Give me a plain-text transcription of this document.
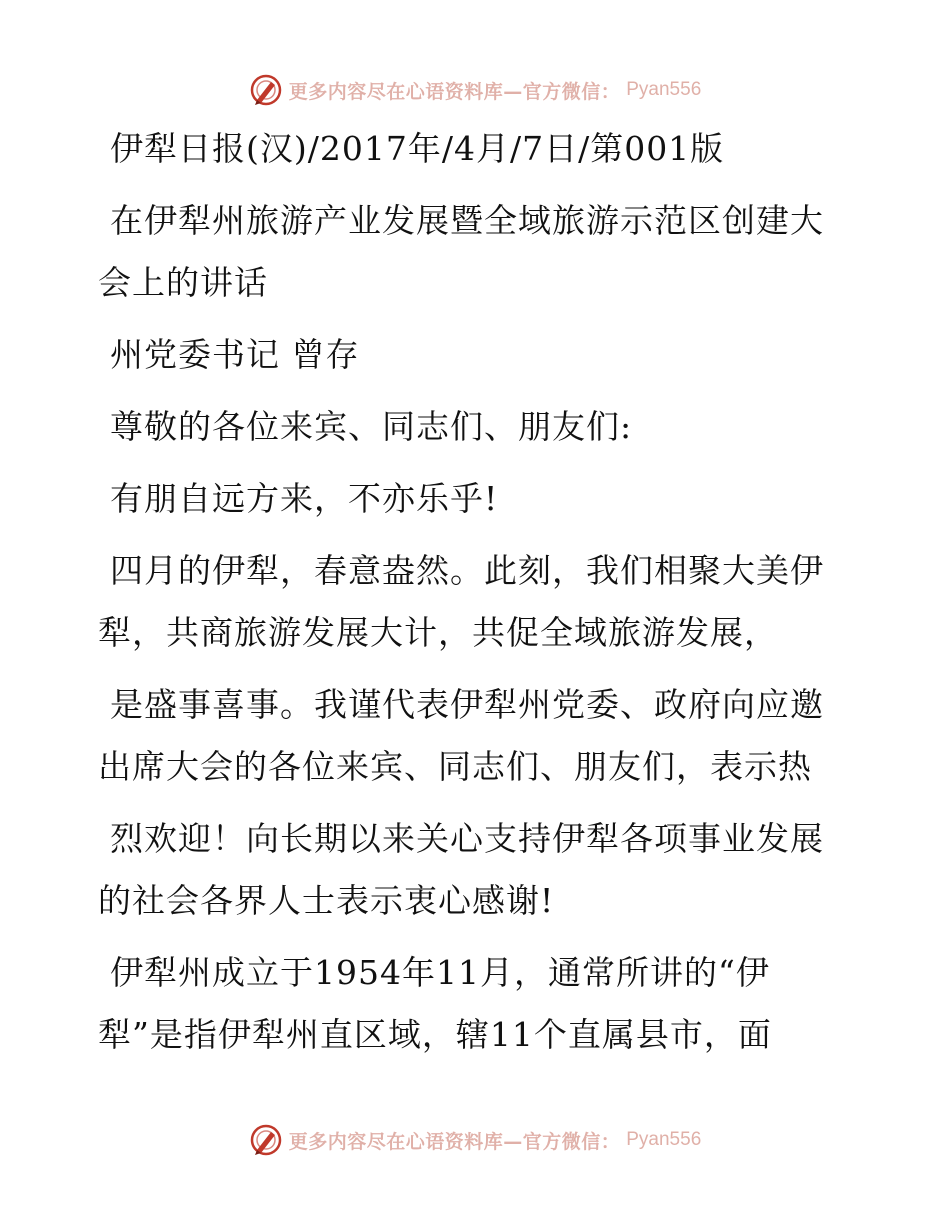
更多内容尽在心语资料库—官方微信： Pyan556

伊犁日报(汉)/2017年/4月/7日/第001版

在伊犁州旅游产业发展暨全域旅游示范区创建大会上的讲话

州党委书记 曾存

尊敬的各位来宾、同志们、朋友们:

有朋自远方来，不亦乐乎!

四月的伊犁，春意盎然。此刻，我们相聚大美伊犁，共商旅游发展大计，共促全域旅游发展，

是盛事喜事。我谨代表伊犁州党委、政府向应邀出席大会的各位来宾、同志们、朋友们，表示热

烈欢迎！向长期以来关心支持伊犁各项事业发展的社会各界人士表示衷心感谢!

伊犁州成立于1954年11月，通常所讲的“伊犁”是指伊犁州直区域，辖11个直属县市，面

更多内容尽在心语资料库—官方微信： Pyan556
